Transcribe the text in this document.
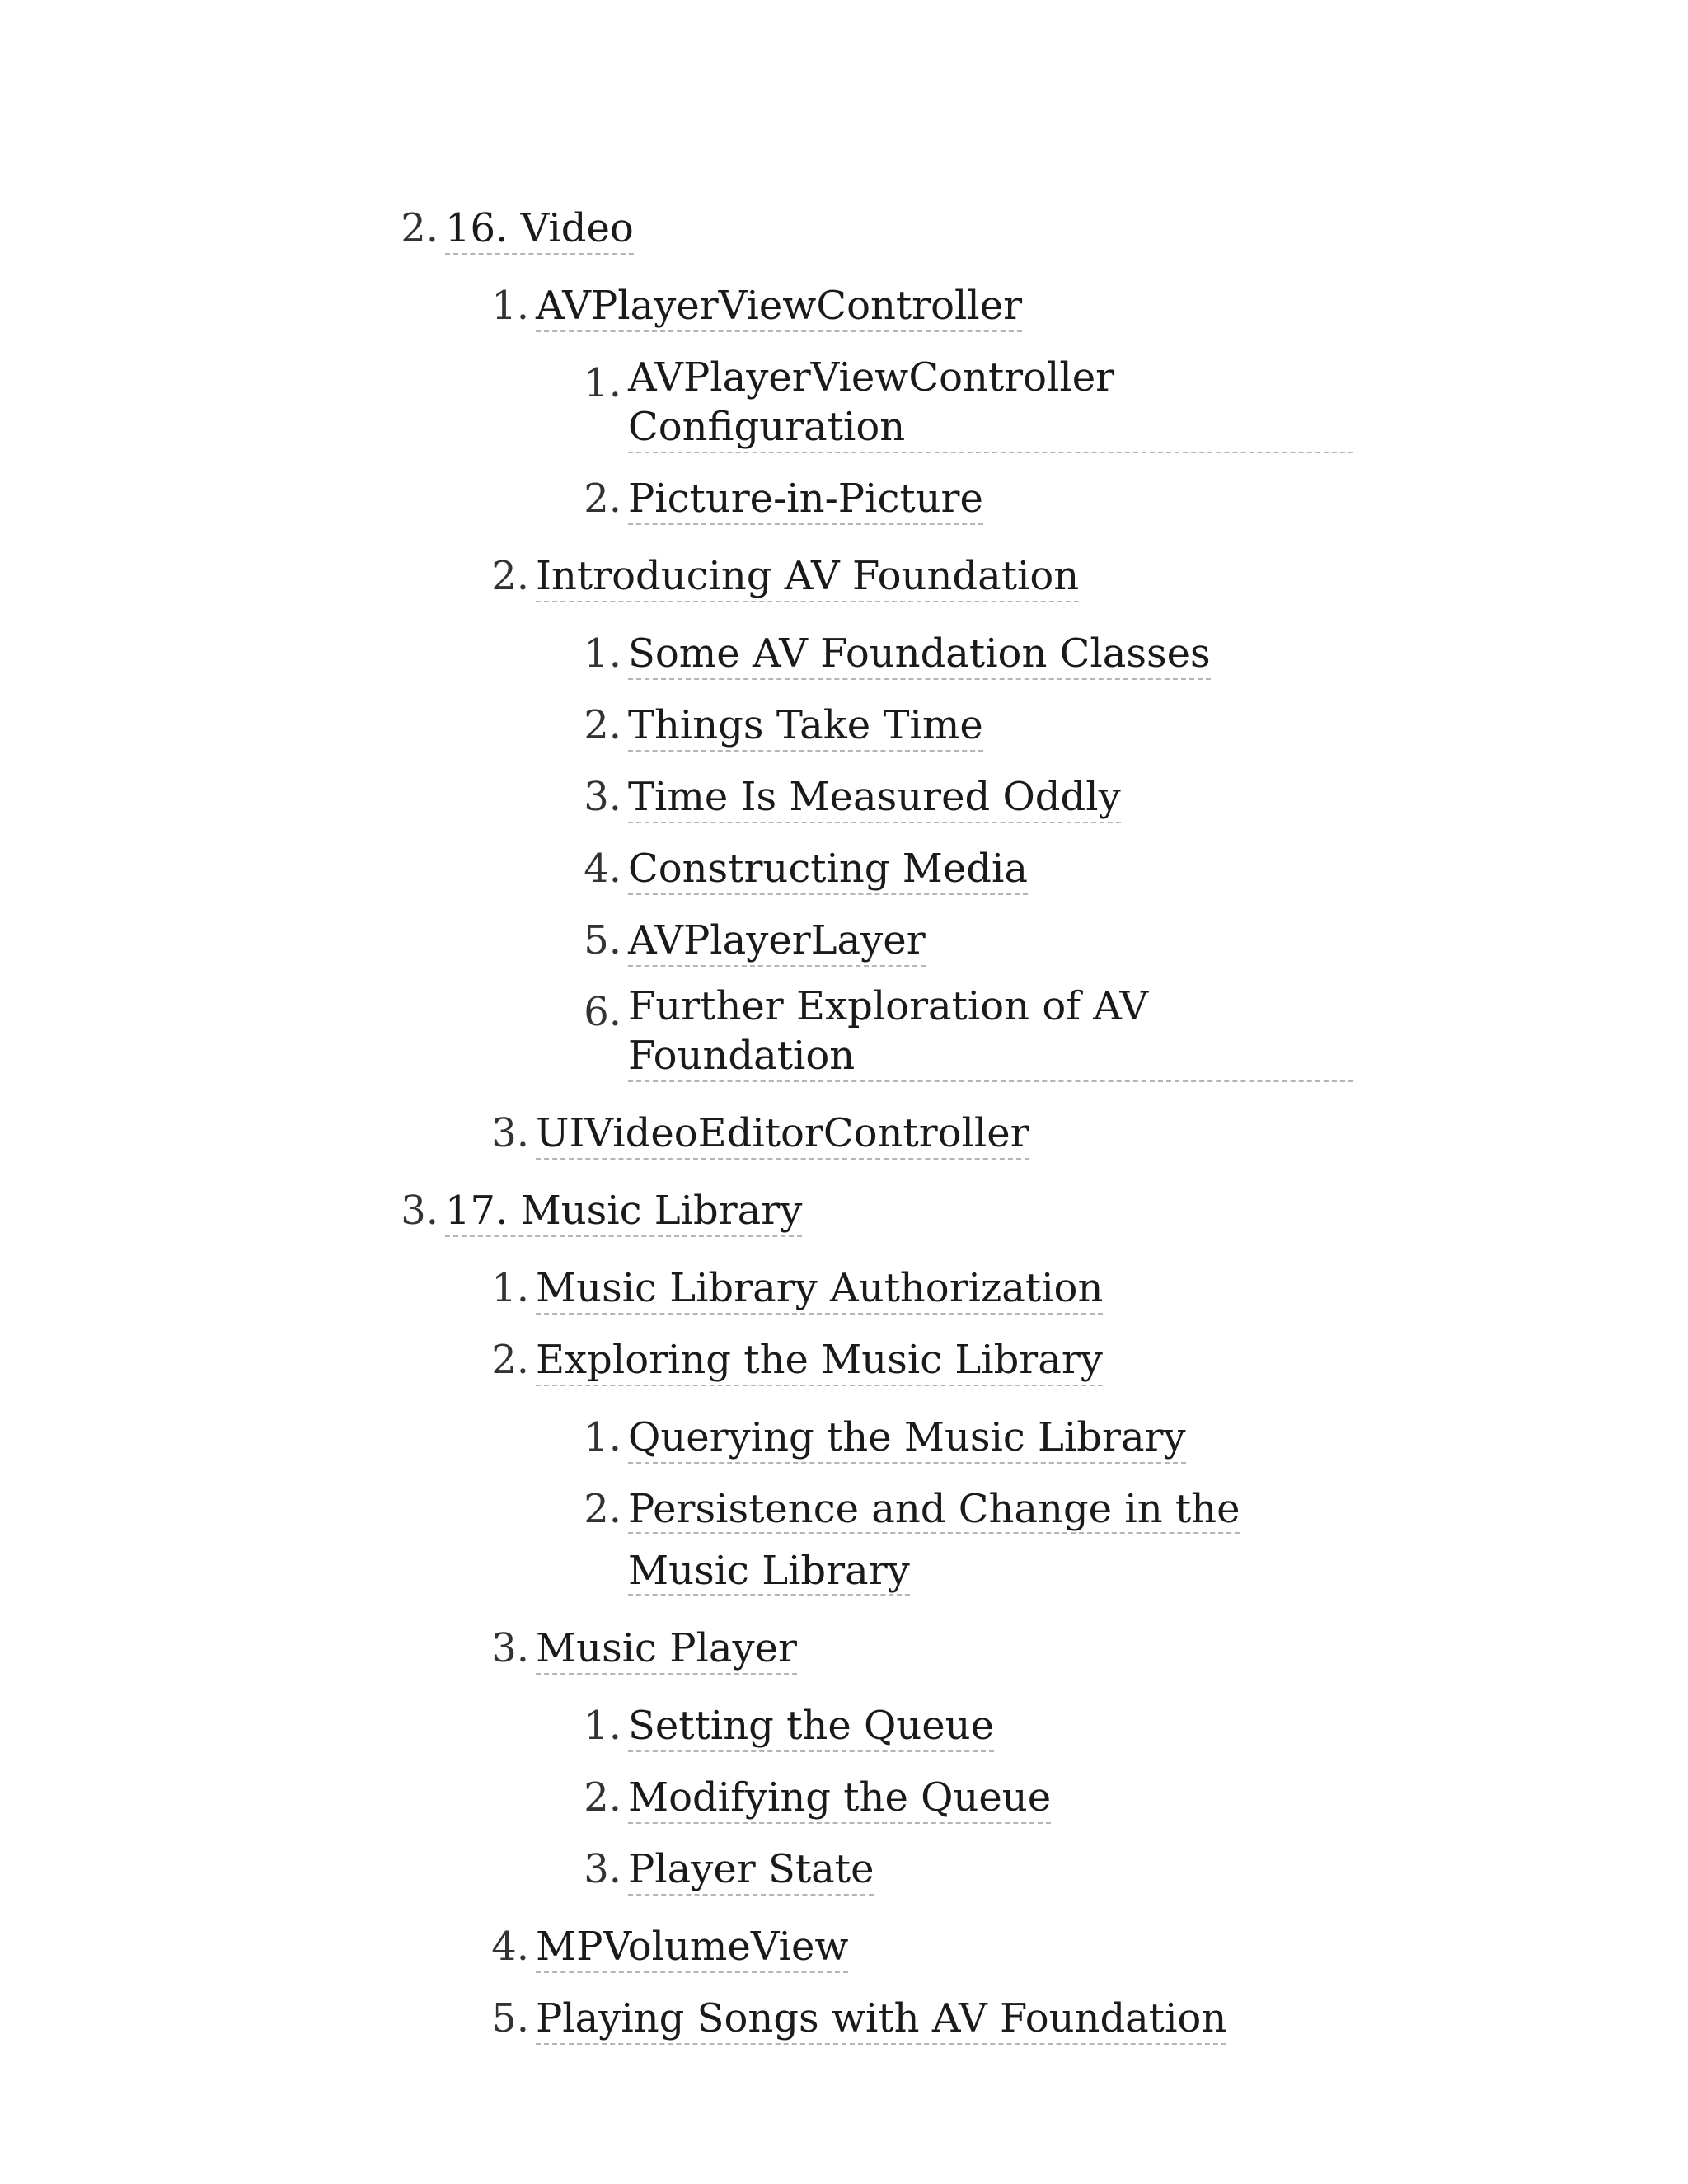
2. 16. Video
1. AVPlayerViewController
1. AVPlayerViewController Configuration
2. Picture-in-Picture
2. Introducing AV Foundation
1. Some AV Foundation Classes
2. Things Take Time
3. Time Is Measured Oddly
4. Constructing Media
5. AVPlayerLayer
6. Further Exploration of AV Foundation
3. UIVideoEditorController
3. 17. Music Library
1. Music Library Authorization
2. Exploring the Music Library
1. Querying the Music Library
2. Persistence and Change in the Music Library
3. Music Player
1. Setting the Queue
2. Modifying the Queue
3. Player State
4. MPVolumeView
5. Playing Songs with AV Foundation
